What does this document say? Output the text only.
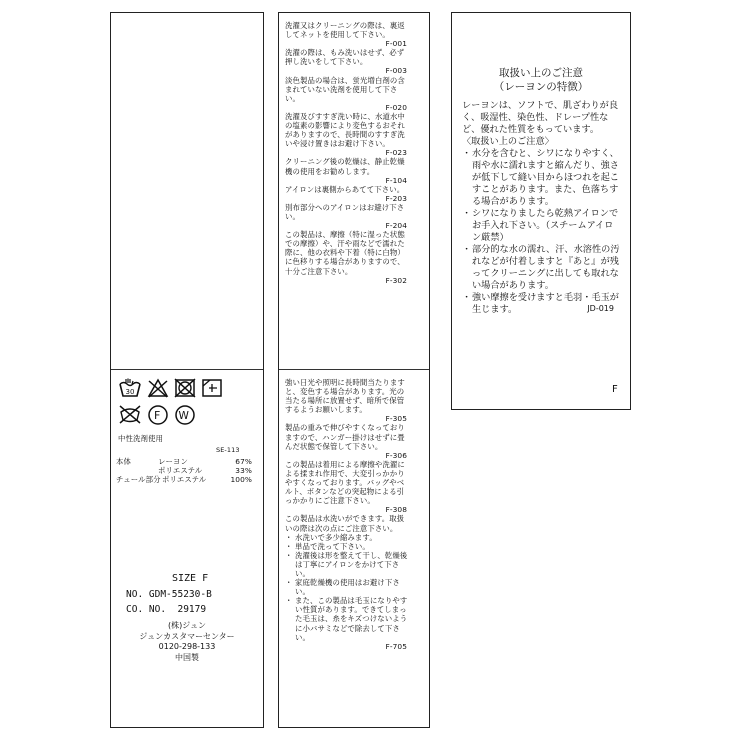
30
F W
中性洗剤使用
SE-113
本体	レーヨン	67%
ポリエステル	33%
チュール部分 ポリエステル	100%
SIZE F
NO. GDM-55230-B
CO. NO.  29179
(株)ジュン
ジュンカスタマーセンター
0120-298-133
中国製
洗濯又はクリーニングの際は、裏返してネットを使用して下さい。
F-001
洗濯の際は、もみ洗いはせず、必ず押し洗いをして下さい。
F-003
淡色製品の場合は、蛍光増白剤の含まれていない洗剤を使用して下さい。
F-020
洗濯及びすすぎ洗い時に、水道水中の塩素の影響により変色するおそれがありますので、長時間のすすぎ洗いや浸け置きはお避け下さい。
F-023
クリーニング後の乾燥は、静止乾燥機の使用をお勧めします。
F-104
アイロンは裏側からあてて下さい。
F-203
別布部分へのアイロンはお避け下さい。
F-204
この製品は、摩擦（特に湿った状態での摩擦）や、汗や雨などで濡れた際に、他の衣料や下着（特に白物）に色移りする場合がありますので、十分ご注意下さい。
F-302
強い日光や照明に長時間当たりますと、変色する場合があります。光の当たる場所に放置せず、暗所で保管するようお願いします。
F-305
製品の重みで伸びやすくなっておりますので、ハンガー掛けはせずに畳んだ状態で保管して下さい。
F-306
この製品は着用による摩擦や洗濯による揉まれ作用で、大変引っかかりやすくなっております。バッグやベルト、ボタンなどの突起物による引っかかりにご注意下さい。
F-308
この製品は水洗いができます。取扱いの際は次の点にご注意下さい。
・ 水洗いで多少縮みます。
・ 単品で洗って下さい。
・ 洗濯後は形を整えて干し、乾燥後は丁寧にアイロンをかけて下さい。
・ 家庭乾燥機の使用はお避け下さい。
・ また、この製品は毛玉になりやすい性質があります。できてしまった毛玉は、糸をキズつけないように小バサミなどで除去して下さい。
F-705
取扱い上のご注意
（レーヨンの特徴）
レーヨンは、ソフトで、肌ざわりが良く、吸湿性、染色性、ドレープ性など、優れた性質をもっています。
〈取扱い上のご注意〉
・ 水分を含むと、シワになりやすく、雨や水に濡れますと縮んだり、強さが低下して縫い目からほつれを起こすことがあります。また、色落ちする場合があります。
・ シワになりましたら乾熱アイロンでお手入れ下さい。（スチームアイロン厳禁）
・ 部分的な水の濡れ、汗、水溶性の汚れなどが付着しますと『あと』が残ってクリーニングに出しても取れない場合があります。
・ 強い摩擦を受けますと毛羽・毛玉が生じます。	JD-019
F
